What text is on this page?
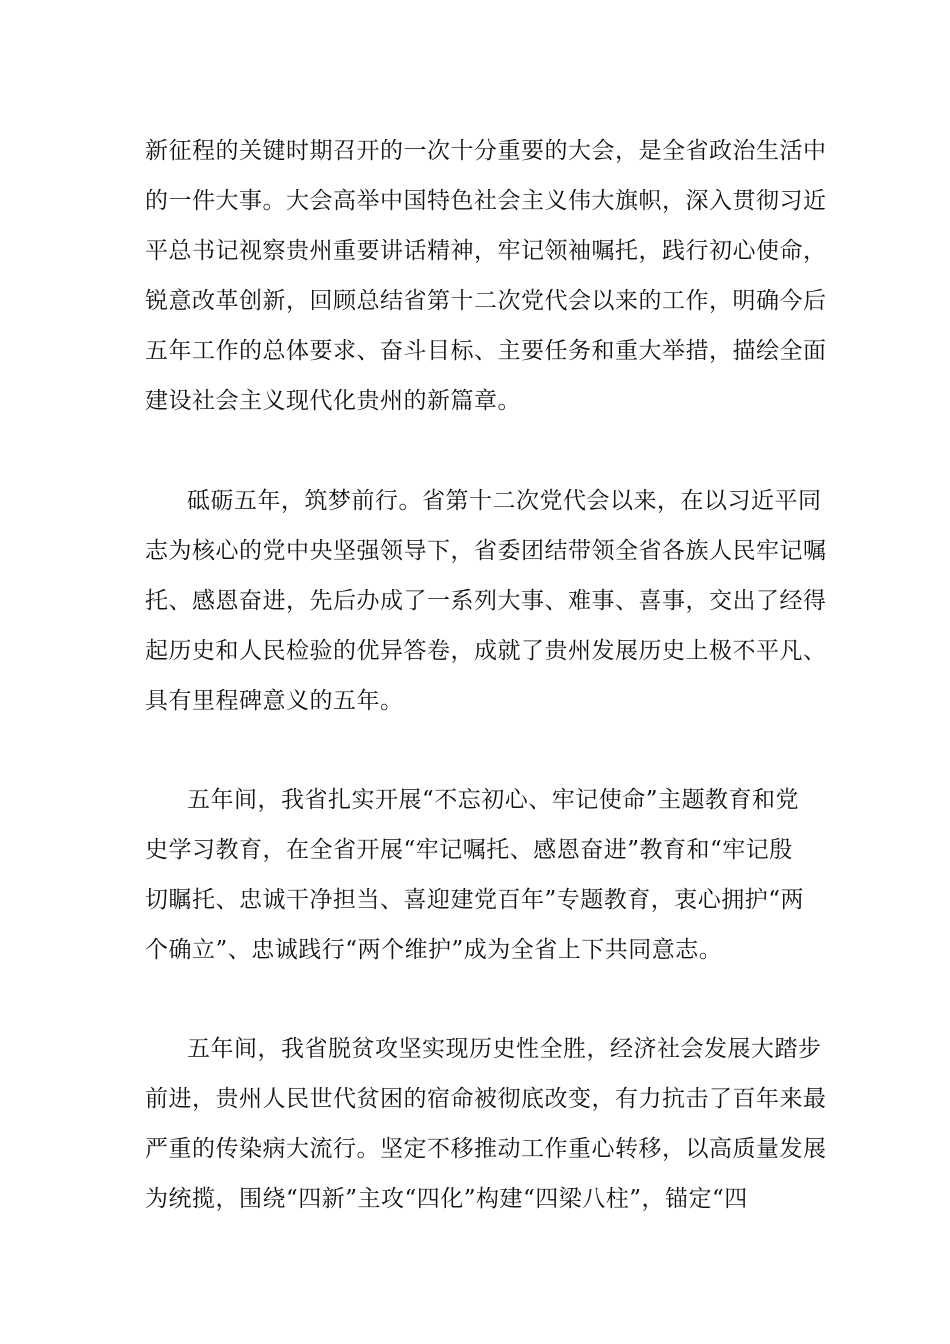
新征程的关键时期召开的一次十分重要的大会，是全省政治生活中
的一件大事。大会高举中国特色社会主义伟大旗帜，深入贯彻习近
平总书记视察贵州重要讲话精神，牢记领袖嘱托，践行初心使命，
锐意改革创新，回顾总结省第十二次党代会以来的工作，明确今后
五年工作的总体要求、奋斗目标、主要任务和重大举措，描绘全面
建设社会主义现代化贵州的新篇章。

砥砺五年，筑梦前行。省第十二次党代会以来，在以习近平同
志为核心的党中央坚强领导下，省委团结带领全省各族人民牢记嘱
托、感恩奋进，先后办成了一系列大事、难事、喜事，交出了经得
起历史和人民检验的优异答卷，成就了贵州发展历史上极不平凡、
具有里程碑意义的五年。

五年间，我省扎实开展“不忘初心、牢记使命”主题教育和党
史学习教育，在全省开展“牢记嘱托、感恩奋进”教育和“牢记殷
切瞩托、忠诚干净担当、喜迎建党百年”专题教育，衷心拥护“两
个确立”、忠诚践行“两个维护”成为全省上下共同意志。

五年间，我省脱贫攻坚实现历史性全胜，经济社会发展大踏步
前进，贵州人民世代贫困的宿命被彻底改变，有力抗击了百年来最
严重的传染病大流行。坚定不移推动工作重心转移，以高质量发展
为统揽，围绕“四新”主攻“四化”构建“四梁八柱”，锚定“四
